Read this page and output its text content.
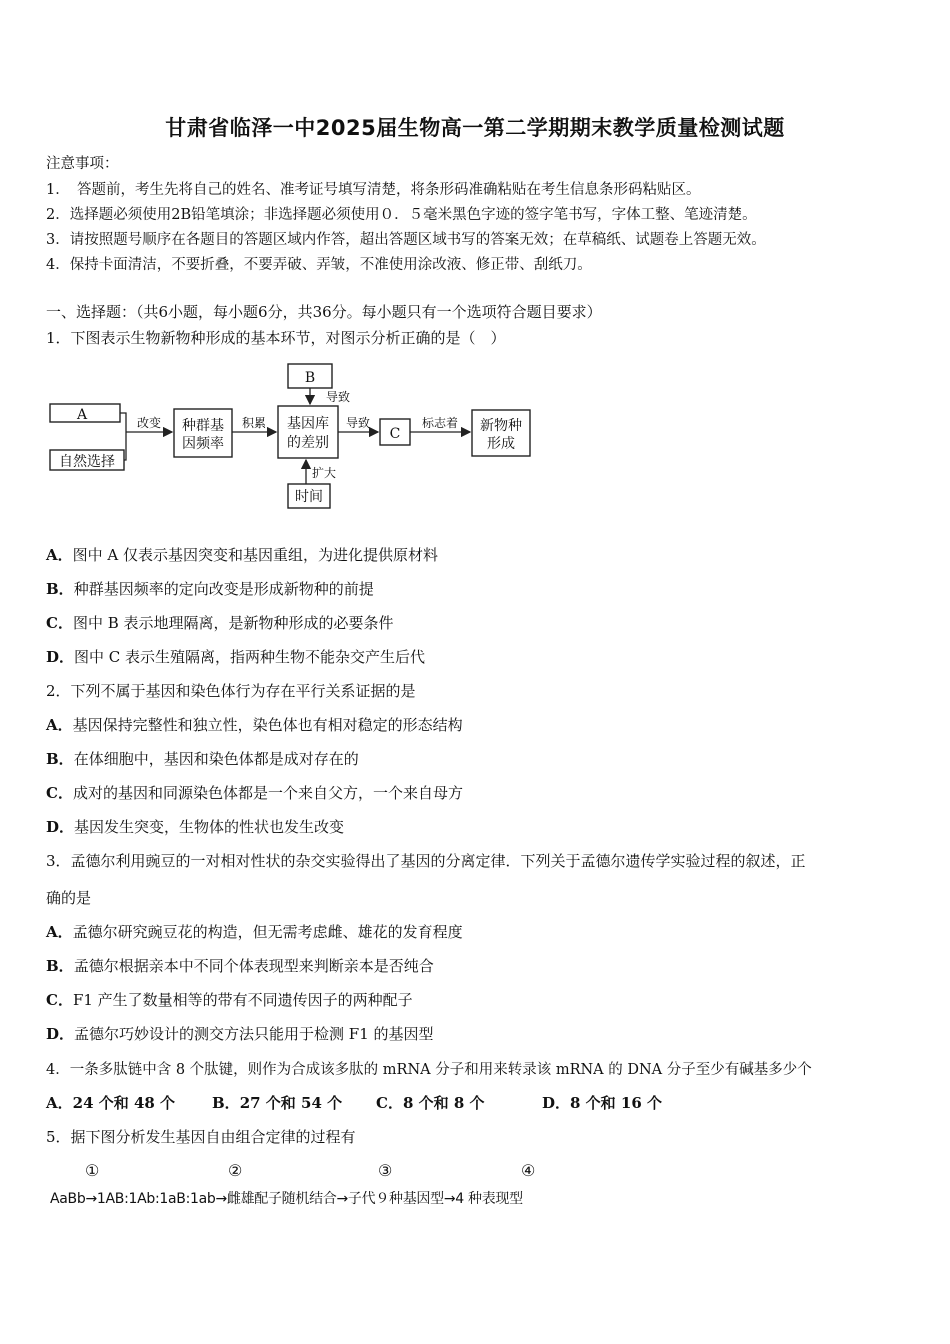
甘肃省临泽一中2025届生物高一第二学期期末教学质量检测试题
注意事项：
1．　答题前，考生先将自己的姓名、准考证号填写清楚，将条形码准确粘贴在考生信息条形码粘贴区。
2．选择题必须使用2B铅笔填涂；非选择题必须使用０．５毫米黑色字迹的签字笔书写，字体工整、笔迹清楚。
3．请按照题号顺序在各题目的答题区域内作答，超出答题区域书写的答案无效；在草稿纸、试题卷上答题无效。
4．保持卡面清洁，不要折叠，不要弄破、弄皱，不准使用涂改液、修正带、刮纸刀。
一、选择题：（共6小题，每小题6分，共36分。每小题只有一个选项符合题目要求）
1．下图表示生物新物种形成的基本环节，对图示分析正确的是（　）
A
自然选择
改变 种群基
因频率
积累
B
导致
基因库
的差别
扩大
时间
导致
C
标志着 新物种
形成
A．图中 A 仅表示基因突变和基因重组，为进化提供原材料
B．种群基因频率的定向改变是形成新物种的前提
C．图中 B 表示地理隔离，是新物种形成的必要条件
D．图中 C 表示生殖隔离，指两种生物不能杂交产生后代
2．下列不属于基因和染色体行为存在平行关系证据的是
A．基因保持完整性和独立性，染色体也有相对稳定的形态结构
B．在体细胞中，基因和染色体都是成对存在的
C．成对的基因和同源染色体都是一个来自父方，一个来自母方
D．基因发生突变，生物体的性状也发生改变
3．孟德尔利用豌豆的一对相对性状的杂交实验得出了基因的分离定律．下列关于孟德尔遗传学实验过程的叙述，正
确的是
A．孟德尔研究豌豆花的构造，但无需考虑雌、雄花的发育程度
B．孟德尔根据亲本中不同个体表现型来判断亲本是否纯合
C．F1 产生了数量相等的带有不同遗传因子的两种配子
D．孟德尔巧妙设计的测交方法只能用于检测 F1 的基因型
4．一条多肽链中含 8 个肽键，则作为合成该多肽的 mRNA 分子和用来转录该 mRNA 的 DNA 分子至少有碱基多少个
A．24 个和 48 个 B．27 个和 54 个 C．8 个和 8 个	D．8 个和 16 个
5．据下图分析发生基因自由组合定律的过程有
①	②	③	④
AaBb→1AB:1Ab:1aB:1ab→雌雄配子随机结合→子代９种基因型→4 种表现型
